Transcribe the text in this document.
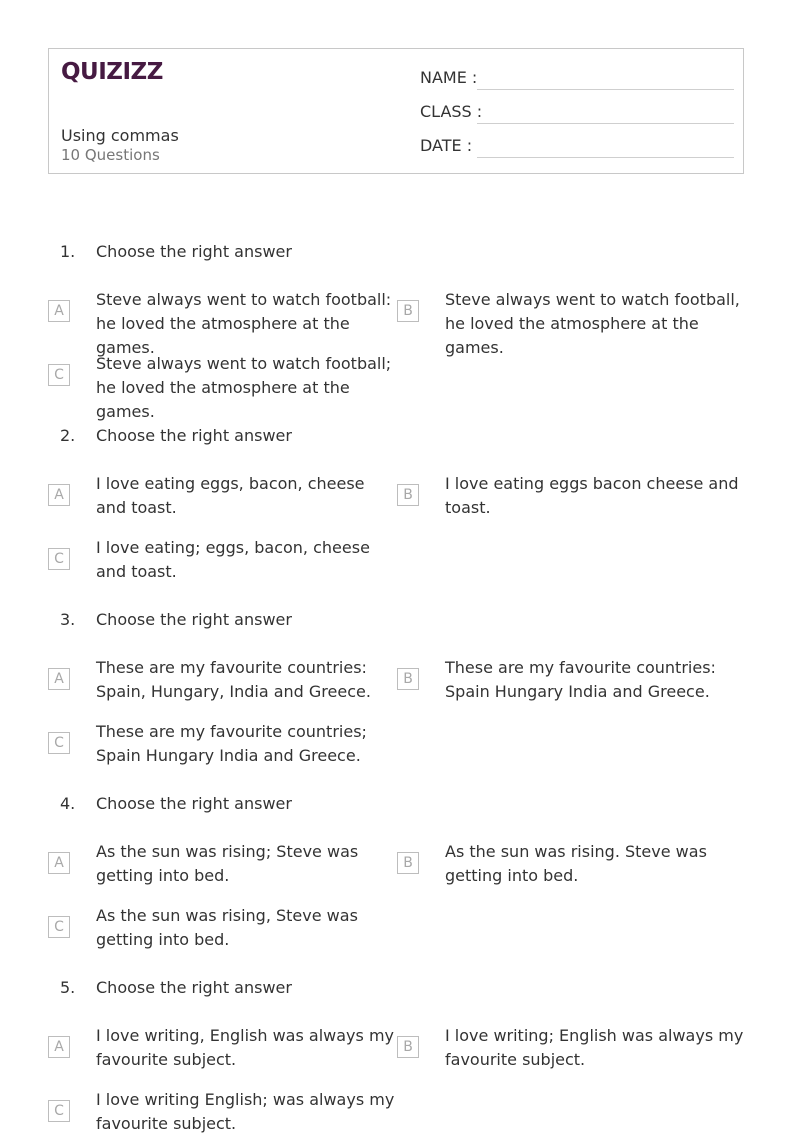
QUIZIZZ
Using commas
10 Questions
NAME :
CLASS :
DATE :
1. Choose the right answer
A
Steve always went to watch football: he loved the atmosphere at the games.
B
Steve always went to watch football, he loved the atmosphere at the games.
C
Steve always went to watch football; he loved the atmosphere at the games.
2. Choose the right answer
A
I love eating eggs, bacon, cheese and toast.
B
I love eating eggs bacon cheese and toast.
C
I love eating; eggs, bacon, cheese and toast.
3. Choose the right answer
A
These are my favourite countries: Spain, Hungary, India and Greece.
B
These are my favourite countries: Spain Hungary India and Greece.
C
These are my favourite countries; Spain Hungary India and Greece.
4. Choose the right answer
A
As the sun was rising; Steve was getting into bed.
B
As the sun was rising. Steve was getting into bed.
C
As the sun was rising, Steve was getting into bed.
5. Choose the right answer
A
I love writing, English was always my favourite subject.
B
I love writing; English was always my favourite subject.
C
I love writing English; was always my favourite subject.
